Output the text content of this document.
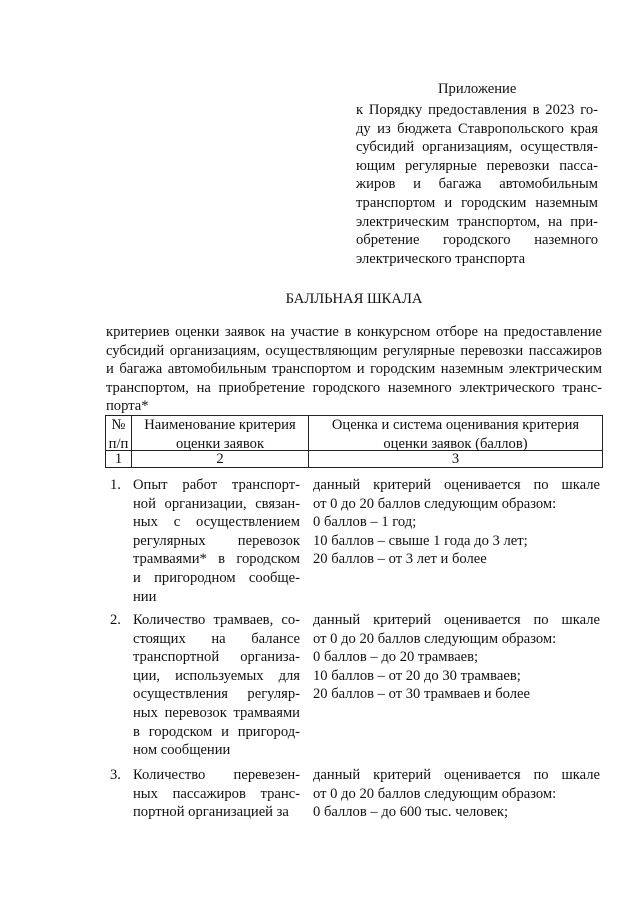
Приложение
к Порядку предоставления в 2023 го-
ду из бюджета Ставропольского края
субсидий организациям, осуществля-
ющим регулярные перевозки пасса-
жиров и багажа автомобильным
транспортом и городским наземным
электрическим транспортом, на при-
обретение городского наземного
электрического транспорта
БАЛЛЬНАЯ ШКАЛА
критериев оценки заявок на участие в конкурсном отборе на предоставление
субсидий организациям, осуществляющим регулярные перевозки пассажиров
и багажа автомобильным транспортом и городским наземным электрическим
транспортом, на приобретение городского наземного электрического транс-
порта*
№
п/п
Наименование критерия
оценки заявок
Оценка и система оценивания критерия
оценки заявок (баллов)
1	2	3
1. Опыт работ транспорт-
ной организации, связан-
ных с осуществлением
регулярных перевозок
трамваями* в городском
и пригородном сообще-
нии
данный критерий оценивается по шкале
от 0 до 20 баллов следующим образом:
0 баллов – 1 год;
10 баллов – свыше 1 года до 3 лет;
20 баллов – от 3 лет и более
2. Количество трамваев, со-
стоящих на балансе
транспортной организа-
ции, используемых для
осуществления регуляр-
ных перевозок трамваями
в городском и пригород-
ном сообщении
данный критерий оценивается по шкале
от 0 до 20 баллов следующим образом:
0 баллов – до 20 трамваев;
10 баллов – от 20 до 30 трамваев;
20 баллов – от 30 трамваев и более
3. Количество перевезен-
ных пассажиров транс-
портной организацией за
данный критерий оценивается по шкале
от 0 до 20 баллов следующим образом:
0 баллов – до 600 тыс. человек;
